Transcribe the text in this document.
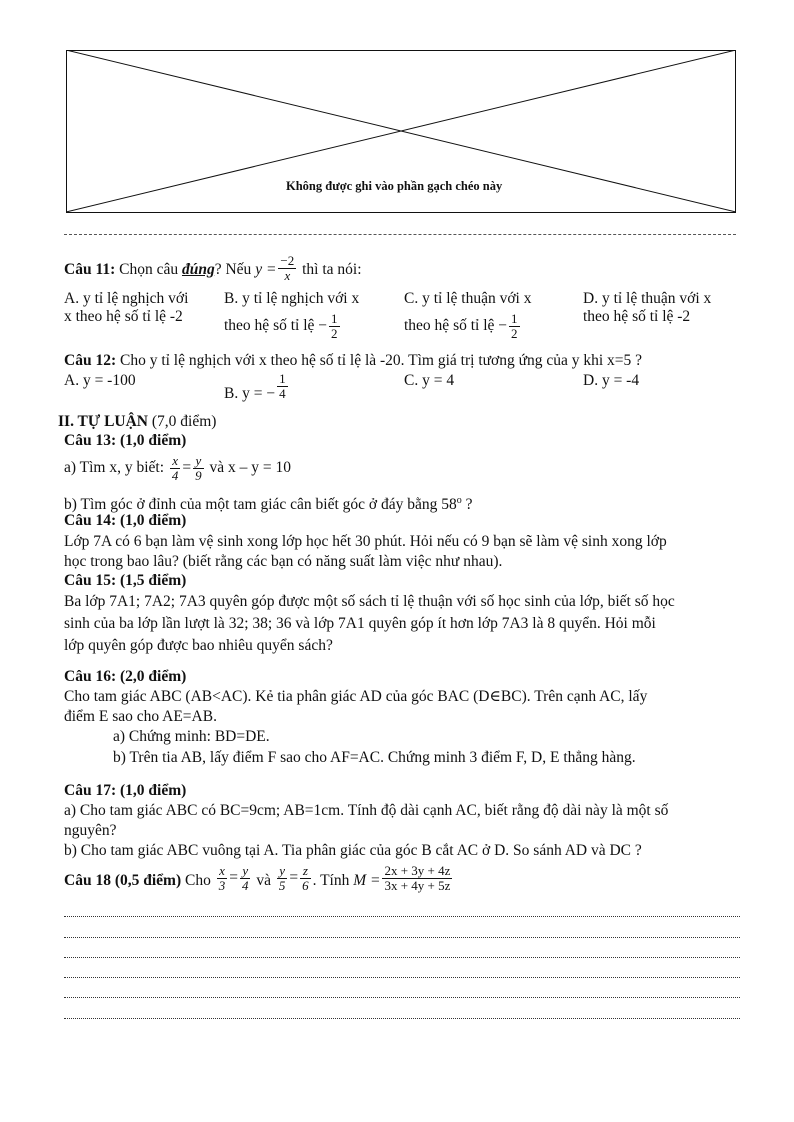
Không được ghi vào phần gạch chéo này
Câu 11: Chọn câu đúng? Nếu $y = \frac{-2}{x}$ thì ta nói:
A. y tỉ lệ nghịch với
x theo hệ số tỉ lệ -2
B. y tỉ lệ nghịch với x
theo hệ số tỉ lệ − $\frac{1}{2}$
C. y tỉ lệ thuận với x
theo hệ số tỉ lệ − $\frac{1}{2}$
D. y tỉ lệ thuận với x
theo hệ số tỉ lệ -2
Câu 12: Cho y tỉ lệ nghịch với x theo hệ số tỉ lệ là -20. Tìm giá trị tương ứng của y khi x=5 ?
A. y = -100
B. y = − $\frac{1}{4}$	C. y = 4	D. y = -4
II. TỰ LUẬN (7,0 điểm)
Câu 13: (1,0 điểm)
a) Tìm x, y biết: $\frac{x}{4} = \frac{y}{9}$ và x – y = 10
b) Tìm góc ở đỉnh của một tam giác cân biết góc ở đáy bằng 58$^o$ ?
Câu 14: (1,0 điểm)
Lớp 7A có 6 bạn làm vệ sinh xong lớp học hết 30 phút. Hỏi nếu có 9 bạn sẽ làm vệ sinh xong lớp
học trong bao lâu? (biết rằng các bạn có năng suất làm việc như nhau).
Câu 15: (1,5 điểm)
Ba lớp 7A1; 7A2; 7A3 quyên góp được một số sách tỉ lệ thuận với số học sinh của lớp, biết số học
sinh của ba lớp lần lượt là 32; 38; 36 và lớp 7A1 quyên góp ít hơn lớp 7A3 là 8 quyển. Hỏi mỗi
lớp quyên góp được bao nhiêu quyển sách?
Câu 16: (2,0 điểm)
Cho tam giác ABC (AB<AC). Kẻ tia phân giác AD của góc BAC (D∈BC). Trên cạnh AC, lấy
điểm E sao cho AE=AB.
a) Chứng minh: BD=DE.
b) Trên tia AB, lấy điểm F sao cho AF=AC. Chứng minh 3 điểm F, D, E thẳng hàng.
Câu 17: (1,0 điểm)
a) Cho tam giác ABC có BC=9cm; AB=1cm. Tính độ dài cạnh AC, biết rằng độ dài này là một số
nguyên?
b) Cho tam giác ABC vuông tại A. Tia phân giác của góc B cắt AC ở D. So sánh AD và DC ?
Câu 18 (0,5 điểm) Cho $\frac{x}{3} = \frac{y}{4}$ và $\frac{y}{5} = \frac{z}{6}$ . Tính $M = \frac{2x + 3y + 4z}{3x + 4y + 5z}$
